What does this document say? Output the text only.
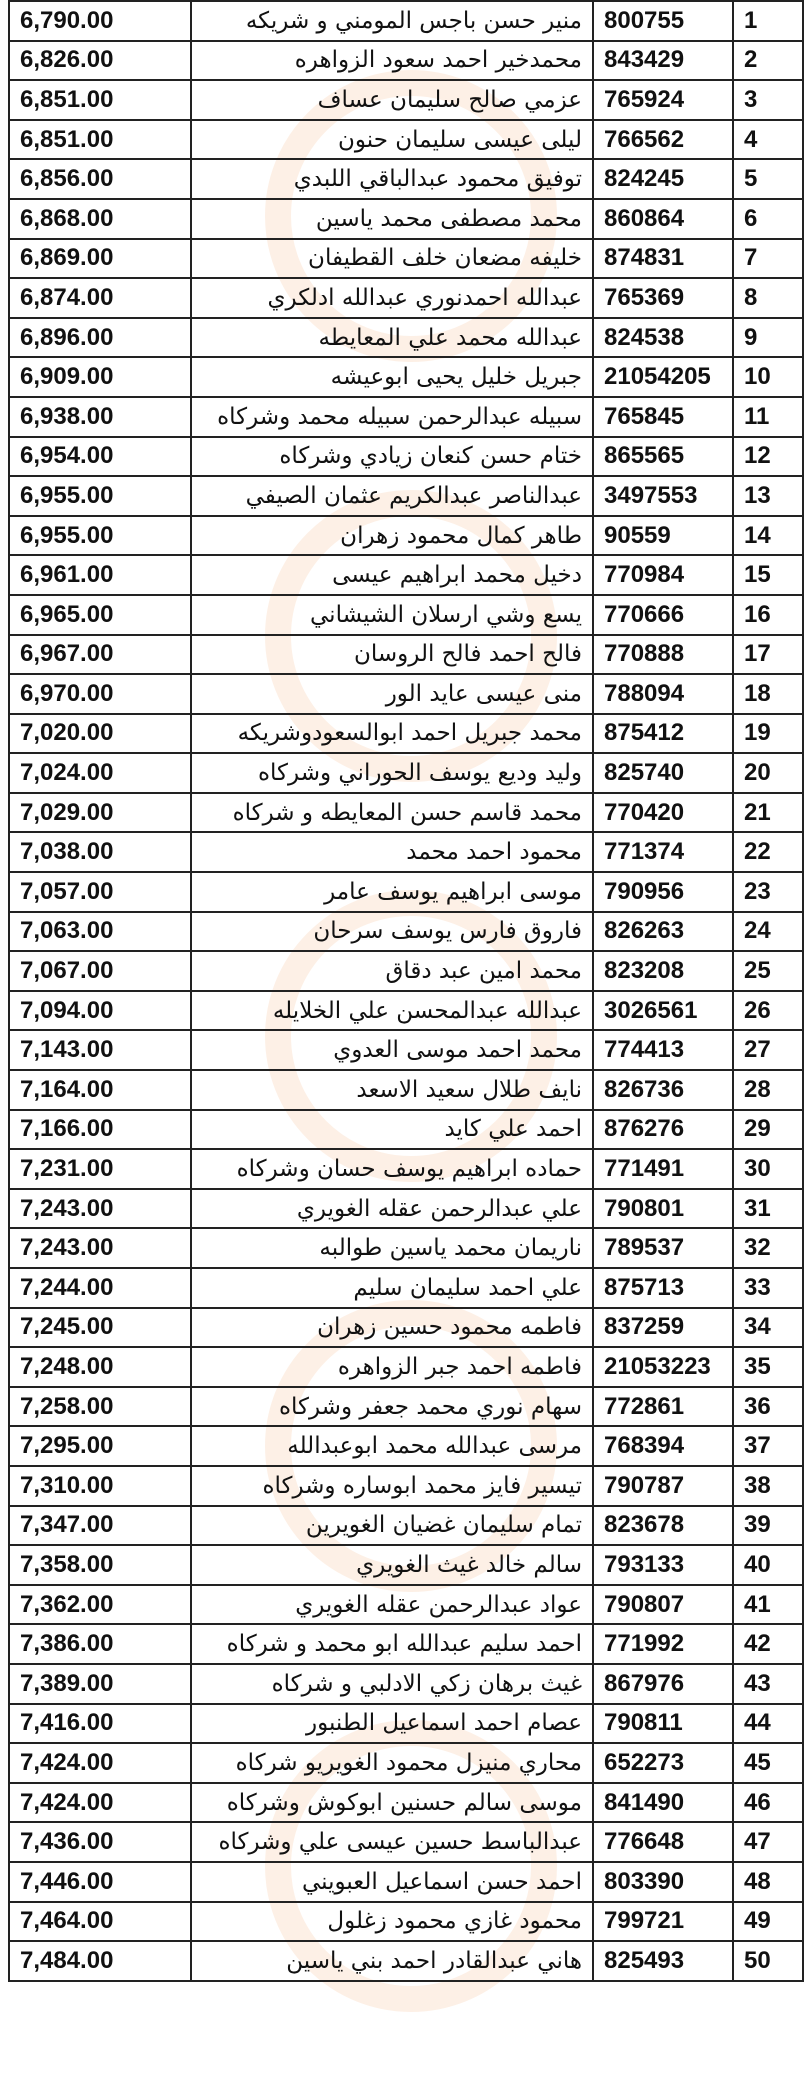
1	800755	منير حسن باجس المومني و شريكه	6,790.00
2	843429	محمدخير احمد سعود الزواهره	6,826.00
3	765924	عزمي صالح سليمان عساف	6,851.00
4	766562	ليلى عيسى سليمان حنون	6,851.00
5	824245	توفيق محمود عبدالباقي اللبدي	6,856.00
6	860864	محمد مصطفى محمد ياسين	6,868.00
7	874831	خليفه مضعان خلف القطيفان	6,869.00
8	765369	عبدالله احمدنوري عبدالله ادلكري	6,874.00
9	824538	عبدالله محمد علي المعايطه	6,896.00
10	21054205	جبريل خليل يحيى ابوعيشه	6,909.00
11	765845	سبيله عبدالرحمن سبيله محمد وشركاه	6,938.00
12	865565	ختام حسن كنعان زيادي وشركاه	6,954.00
13	3497553	عبدالناصر عبدالكريم عثمان الصيفي	6,955.00
14	90559	طاهر كمال محمود زهران	6,955.00
15	770984	دخيل محمد ابراهيم عيسى	6,961.00
16	770666	يسع وشي ارسلان الشيشاني	6,965.00
17	770888	فالح احمد فالح الروسان	6,967.00
18	788094	منى عيسى عايد الور	6,970.00
19	875412	محمد جبريل احمد ابوالسعودوشريكه	7,020.00
20	825740	وليد وديع يوسف الحوراني وشركاه	7,024.00
21	770420	محمد قاسم حسن المعايطه و شركاه	7,029.00
22	771374	محمود احمد محمد	7,038.00
23	790956	موسى ابراهيم يوسف عامر	7,057.00
24	826263	فاروق فارس يوسف سرحان	7,063.00
25	823208	محمد امين عبد دقاق	7,067.00
26	3026561	عبدالله عبدالمحسن علي الخلايله	7,094.00
27	774413	محمد احمد موسى العدوي	7,143.00
28	826736	نايف طلال سعيد الاسعد	7,164.00
29	876276	احمد علي كايد	7,166.00
30	771491	حماده ابراهيم يوسف حسان وشركاه	7,231.00
31	790801	علي عبدالرحمن عقله الغويري	7,243.00
32	789537	ناريمان محمد ياسين طوالبه	7,243.00
33	875713	علي احمد سليمان سليم	7,244.00
34	837259	فاطمه محمود حسين زهران	7,245.00
35	21053223	فاطمه احمد جبر الزواهره	7,248.00
36	772861	سهام نوري محمد جعفر وشركاه	7,258.00
37	768394	مرسى عبدالله محمد ابوعبدالله	7,295.00
38	790787	تيسير فايز محمد ابوساره وشركاه	7,310.00
39	823678	تمام سليمان غضيان الغويرين	7,347.00
40	793133	سالم خالد غيث الغويري	7,358.00
41	790807	عواد عبدالرحمن عقله الغويري	7,362.00
42	771992	احمد سليم عبدالله ابو محمد و شركاه	7,386.00
43	867976	غيث برهان زكي الادلبي و شركاه	7,389.00
44	790811	عصام احمد اسماعيل الطنبور	7,416.00
45	652273	محاري منيزل محمود الغويريو شركاه	7,424.00
46	841490	موسى سالم حسنين ابوكوش وشركاه	7,424.00
47	776648	عبدالباسط حسين عيسى علي وشركاه	7,436.00
48	803390	احمد حسن اسماعيل العبويني	7,446.00
49	799721	محمود غازي محمود زغلول	7,464.00
50	825493	هاني عبدالقادر احمد بني ياسين	7,484.00
